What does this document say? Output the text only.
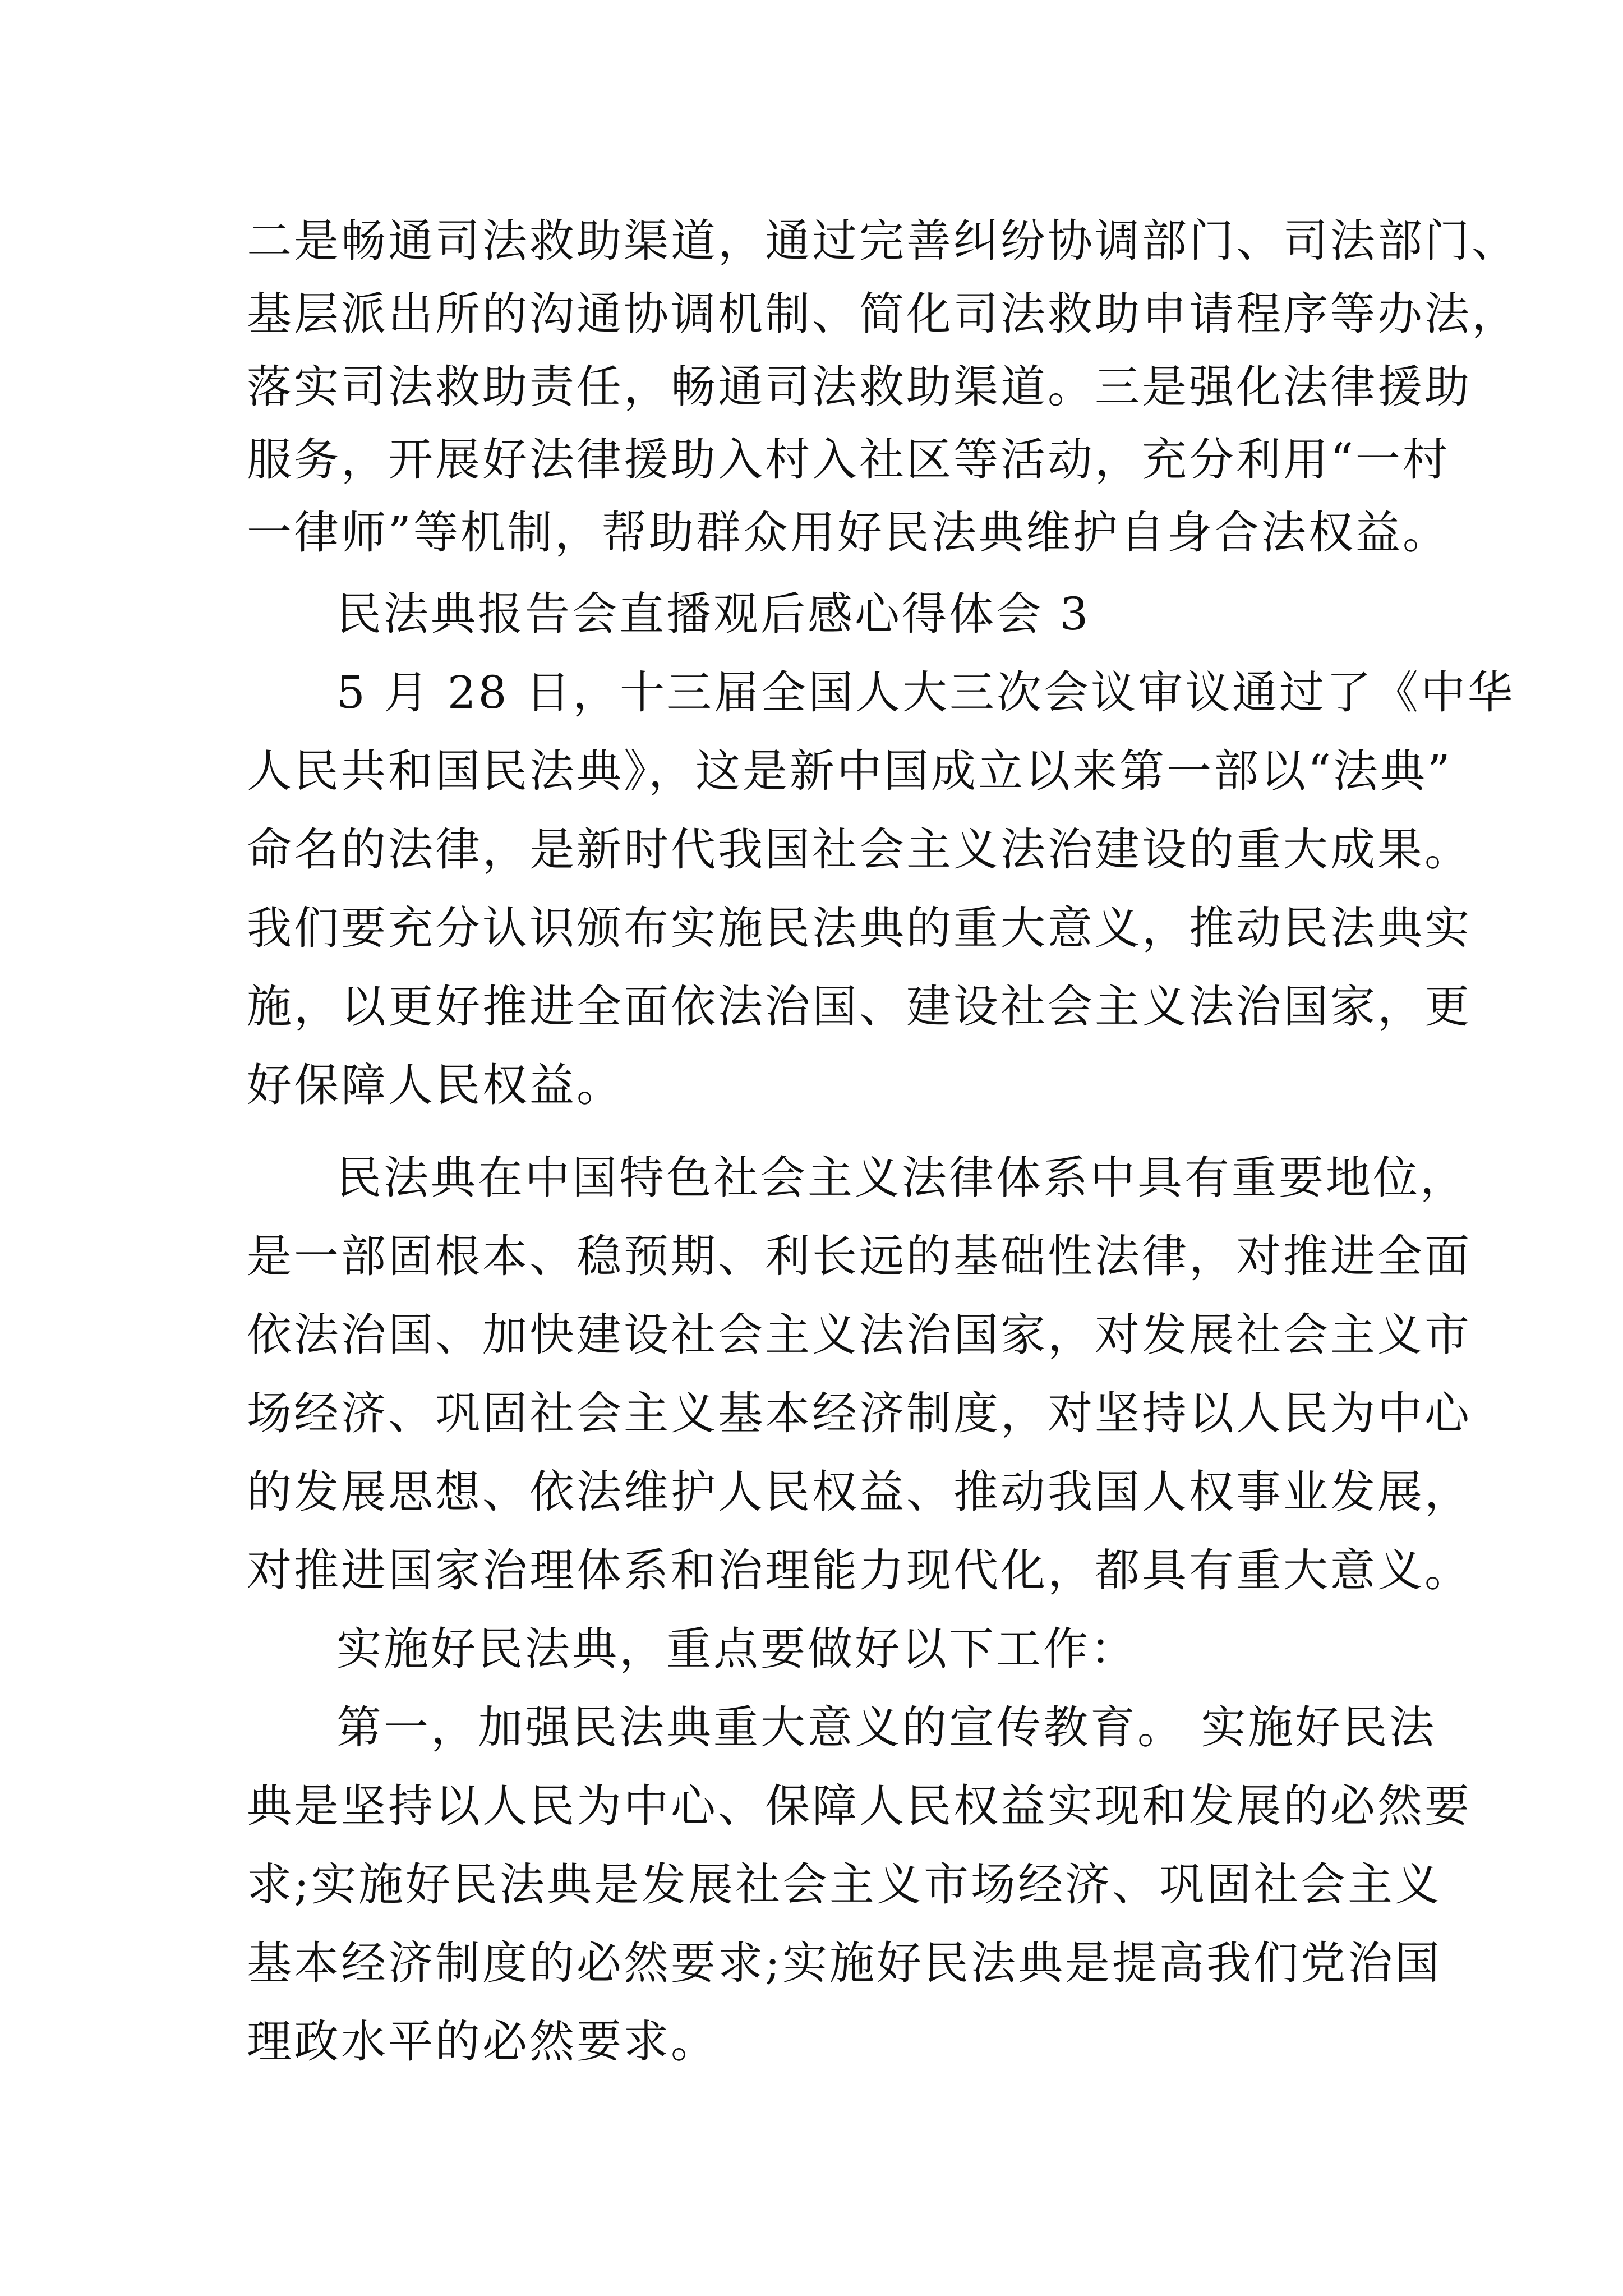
二是畅通司法救助渠道，通过完善纠纷协调部门、司法部门、

基层派出所的沟通协调机制、简化司法救助申请程序等办法，

落实司法救助责任，畅通司法救助渠道。三是强化法律援助

服务，开展好法律援助入村入社区等活动，充分利用“一村

一律师”等机制，帮助群众用好民法典维护自身合法权益。

民法典报告会直播观后感心得体会 3

5 月 28 日，十三届全国人大三次会议审议通过了《中华

人民共和国民法典》，这是新中国成立以来第一部以“法典”

命名的法律，是新时代我国社会主义法治建设的重大成果。

我们要充分认识颁布实施民法典的重大意义，推动民法典实

施，以更好推进全面依法治国、建设社会主义法治国家，更

好保障人民权益。

民法典在中国特色社会主义法律体系中具有重要地位，

是一部固根本、稳预期、利长远的基础性法律，对推进全面

依法治国、加快建设社会主义法治国家，对发展社会主义市

场经济、巩固社会主义基本经济制度，对坚持以人民为中心

的发展思想、依法维护人民权益、推动我国人权事业发展，

对推进国家治理体系和治理能力现代化，都具有重大意义。

实施好民法典，重点要做好以下工作：

第一，加强民法典重大意义的宣传教育。 实施好民法

典是坚持以人民为中心、保障人民权益实现和发展的必然要

求;实施好民法典是发展社会主义市场经济、巩固社会主义

基本经济制度的必然要求;实施好民法典是提高我们党治国

理政水平的必然要求。
